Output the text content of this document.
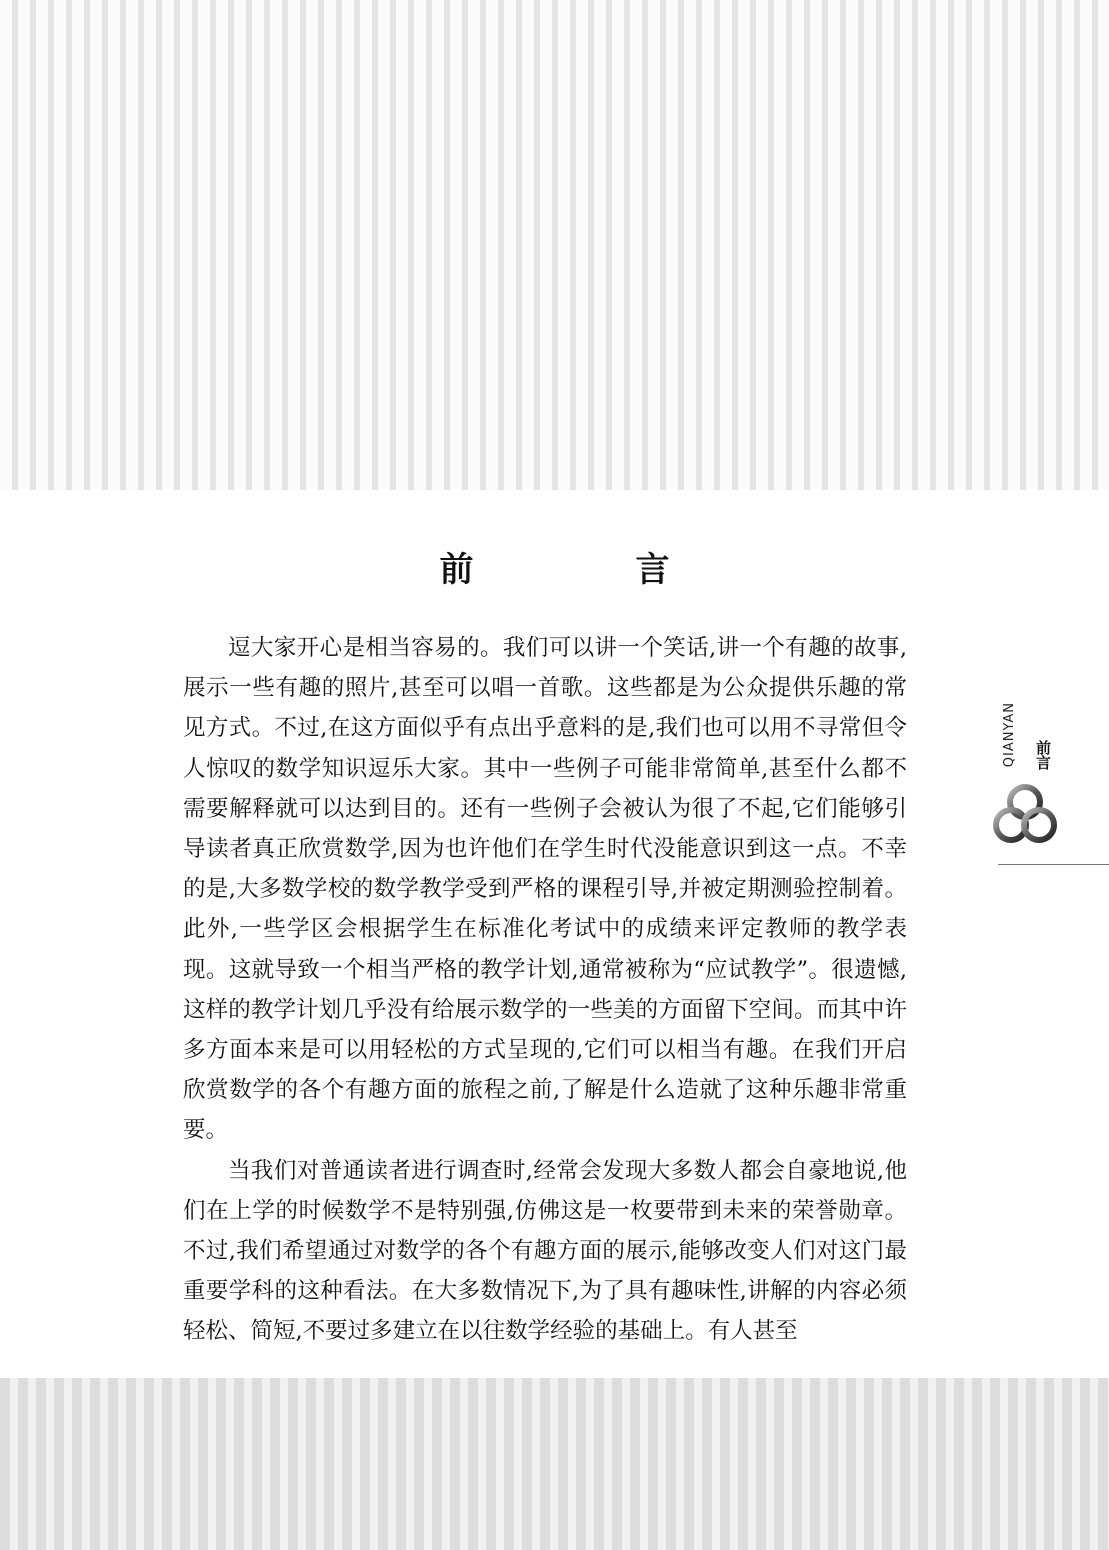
前　言

逗大家开心是相当容易的。我们可以讲一个笑话,讲一个有趣的故事,展示一些有趣的照片,甚至可以唱一首歌。这些都是为公众提供乐趣的常见方式。不过,在这方面似乎有点出乎意料的是,我们也可以用不寻常但令人惊叹的数学知识逗乐大家。其中一些例子可能非常简单,甚至什么都不需要解释就可以达到目的。还有一些例子会被认为很了不起,它们能够引导读者真正欣赏数学,因为也许他们在学生时代没能意识到这一点。不幸的是,大多数学校的数学教学受到严格的课程引导,并被定期测验控制着。此外,一些学区会根据学生在标准化考试中的成绩来评定教师的教学表现。这就导致一个相当严格的教学计划,通常被称为“应试教学”。很遗憾,这样的教学计划几乎没有给展示数学的一些美的方面留下空间。而其中许多方面本来是可以用轻松的方式呈现的,它们可以相当有趣。在我们开启欣赏数学的各个有趣方面的旅程之前,了解是什么造就了这种乐趣非常重要。

当我们对普通读者进行调查时,经常会发现大多数人都会自豪地说,他们在上学的时候数学不是特别强,仿佛这是一枚要带到未来的荣誉勋章。不过,我们希望通过对数学的各个有趣方面的展示,能够改变人们对这门最重要学科的这种看法。在大多数情况下,为了具有趣味性,讲解的内容必须轻松、简短,不要过多建立在以往数学经验的基础上。有人甚至

QIANYAN 前言
